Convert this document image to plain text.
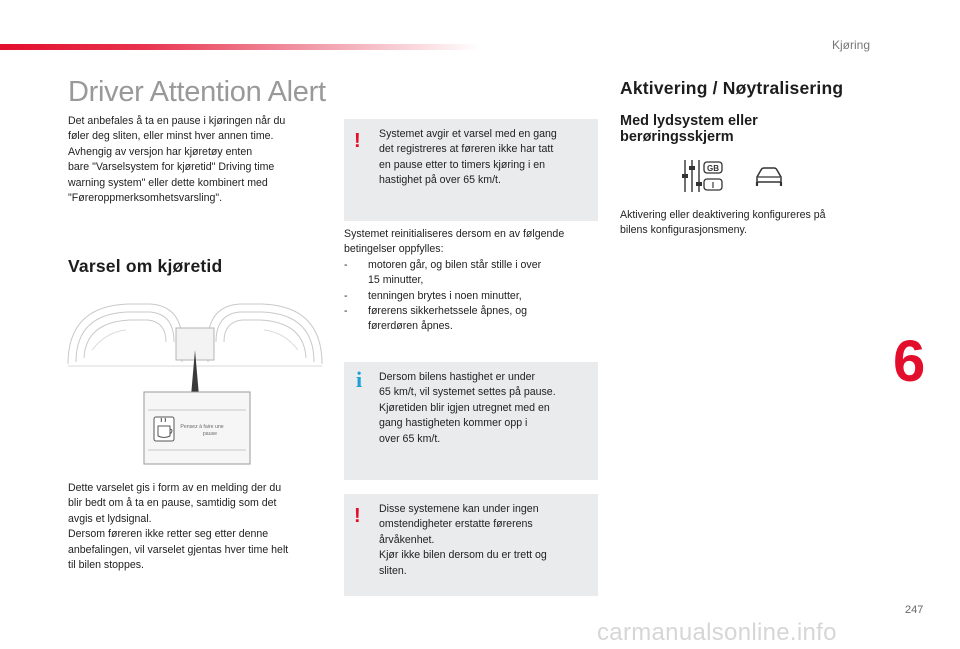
Kjøring
Driver Attention Alert
Det anbefales å ta en pause i kjøringen når du
føler deg sliten, eller minst hver annen time.
Avhengig av versjon har kjøretøy enten
bare "Varselsystem for kjøretid" Driving time
warning system" eller dette kombinert med
"Føreroppmerksomhetsvarsling".
Varsel om kjøretid
Pensez à faire une
pause
Dette varselet gis i form av en melding der du
blir bedt om å ta en pause, samtidig som det
avgis et lydsignal.
Dersom føreren ikke retter seg etter denne
anbefalingen, vil varselet gjentas hver time helt
til bilen stoppes.
! Systemet avgir et varsel med en gang
det registreres at føreren ikke har tatt
en pause etter to timers kjøring i en
hastighet på over 65 km/t.
Systemet reinitialiseres dersom en av følgende
betingelser oppfylles:
- motoren går, og bilen står stille i over
15 minutter,
- tenningen brytes i noen minutter,
- førerens sikkerhetssele åpnes, og
førerdøren åpnes.
i Dersom bilens hastighet er under
65 km/t, vil systemet settes på pause.
Kjøretiden blir igjen utregnet med en
gang hastigheten kommer opp i
over 65 km/t.
! Disse systemene kan under ingen
omstendigheter erstatte førerens
årvåkenhet.
Kjør ikke bilen dersom du er trett og
sliten.
Aktivering / Nøytralisering
Med lydsystem eller
berøringsskjerm
GB
I
Aktivering eller deaktivering konfigureres på
bilens konfigurasjonsmeny.
6
247
carmanualsonline.info
